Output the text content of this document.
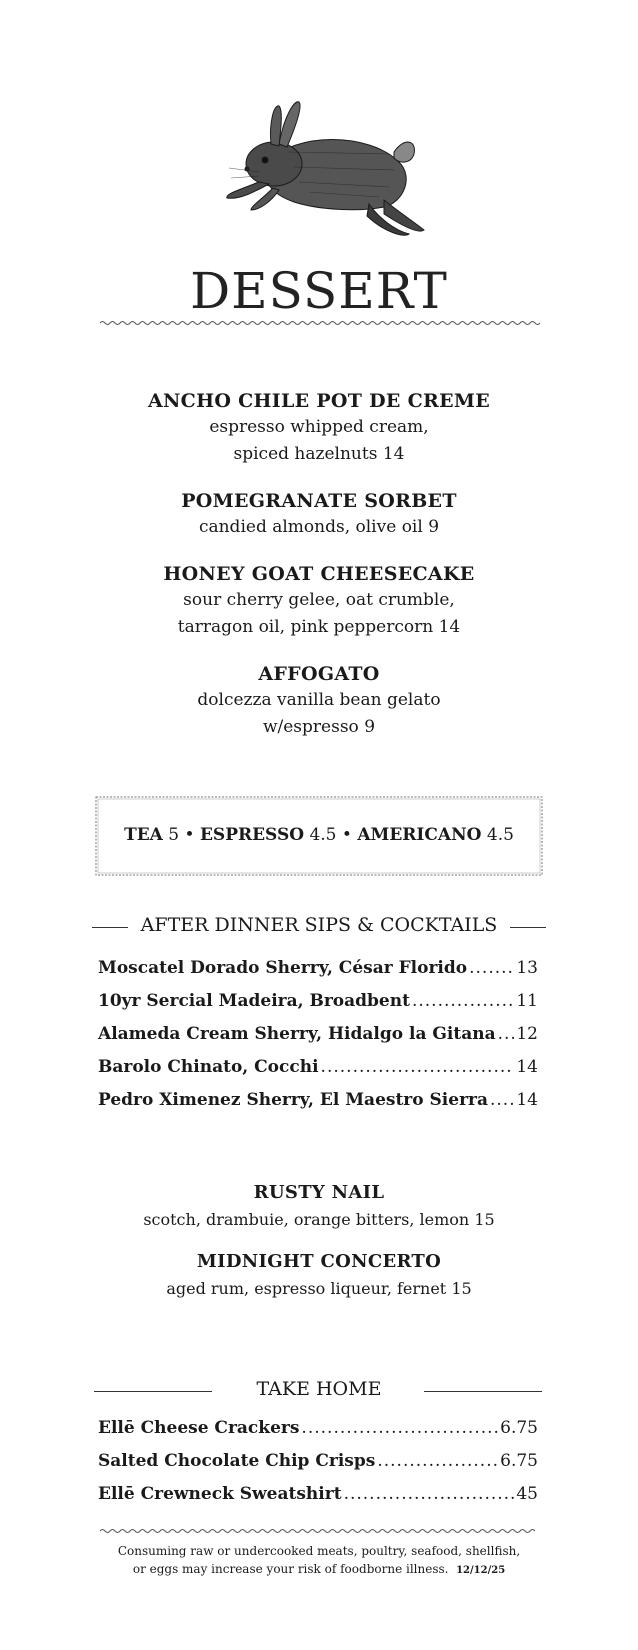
DESSERT
ANCHO CHILE POT DE CREME
espresso whipped cream,
spiced hazelnuts 14
POMEGRANATE SORBET
candied almonds, olive oil 9
HONEY GOAT CHEESECAKE
sour cherry gelee, oat crumble,
tarragon oil, pink peppercorn 14
AFFOGATO
dolcezza vanilla bean gelato
w/espresso 9
TEA 5 • ESPRESSO 4.5 • AMERICANO 4.5
AFTER DINNER SIPS & COCKTAILS
Moscatel Dorado Sherry, César Florido .....	13
10yr Sercial Madeira, Broadbent .....	11
Alameda Cream Sherry, Hidalgo la Gitana ..... 12
Barolo Chinato, Cocchi .....	14
Pedro Ximenez Sherry, El Maestro Sierra ..... 14
RUSTY NAIL
scotch, drambuie, orange bitters, lemon 15
MIDNIGHT CONCERTO
aged rum, espresso liqueur, fernet 15
TAKE HOME
Ellē Cheese Crackers .....	6.75
Salted Chocolate Chip Crisps .....	6.75
Ellē Crewneck Sweatshirt .....	45
Consuming raw or undercooked meats, poultry, seafood, shellfish,
or eggs may increase your risk of foodborne illness. 12/12/25
